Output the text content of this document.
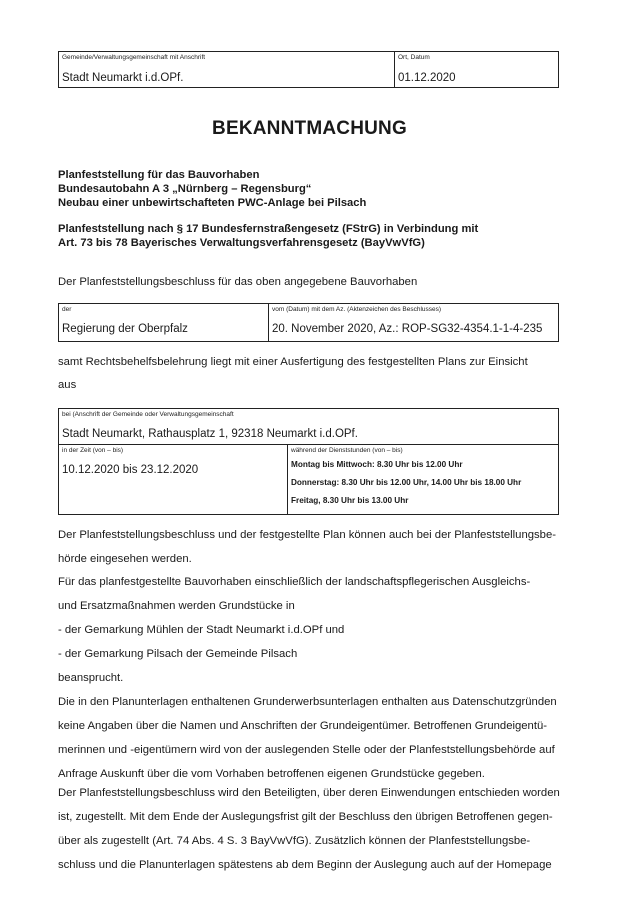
Gemeinde/Verwaltungsgemeinschaft mit Anschrift
Stadt Neumarkt i.d.OPf.
Ort, Datum
01.12.2020
BEKANNTMACHUNG
Planfeststellung für das Bauvorhaben
Bundesautobahn A 3 „Nürnberg – Regensburg“
Neubau einer unbewirtschafteten PWC-Anlage bei Pilsach
Planfeststellung nach § 17 Bundesfernstraßengesetz (FStrG) in Verbindung mit
Art. 73 bis 78 Bayerisches Verwaltungsverfahrensgesetz (BayVwVfG)
Der Planfeststellungsbeschluss für das oben angegebene Bauvorhaben
der
Regierung der Oberpfalz
vom (Datum) mit dem Az. (Aktenzeichen des Beschlusses)
20. November 2020, Az.: ROP-SG32-4354.1-1-4-235
samt Rechtsbehelfsbelehrung liegt mit einer Ausfertigung des festgestellten Plans zur Einsicht
aus
bei (Anschrift der Gemeinde oder Verwaltungsgemeinschaft
Stadt Neumarkt, Rathausplatz 1, 92318 Neumarkt i.d.OPf.
in der Zeit (von – bis)
10.12.2020 bis 23.12.2020
während der Dienststunden (von – bis)
Montag bis Mittwoch: 8.30 Uhr bis 12.00 Uhr
Donnerstag: 8.30 Uhr bis 12.00 Uhr, 14.00 Uhr bis 18.00 Uhr
Freitag, 8.30 Uhr bis 13.00 Uhr
Der Planfeststellungsbeschluss und der festgestellte Plan können auch bei der Planfeststellungsbe-
hörde eingesehen werden.
Für das planfestgestellte Bauvorhaben einschließlich der landschaftspflegerischen Ausgleichs-
und Ersatzmaßnahmen werden Grundstücke in
- der Gemarkung Mühlen der Stadt Neumarkt i.d.OPf und
- der Gemarkung Pilsach der Gemeinde Pilsach
beansprucht.
Die in den Planunterlagen enthaltenen Grunderwerbsunterlagen enthalten aus Datenschutzgründen
keine Angaben über die Namen und Anschriften der Grundeigentümer. Betroffenen Grundeigentü-
merinnen und -eigentümern wird von der auslegenden Stelle oder der Planfeststellungsbehörde auf
Anfrage Auskunft über die vom Vorhaben betroffenen eigenen Grundstücke gegeben.
Der Planfeststellungsbeschluss wird den Beteiligten, über deren Einwendungen entschieden worden
ist, zugestellt. Mit dem Ende der Auslegungsfrist gilt der Beschluss den übrigen Betroffenen gegen-
über als zugestellt (Art. 74 Abs. 4 S. 3 BayVwVfG). Zusätzlich können der Planfeststellungsbe-
schluss und die Planunterlagen spätestens ab dem Beginn der Auslegung auch auf der Homepage
